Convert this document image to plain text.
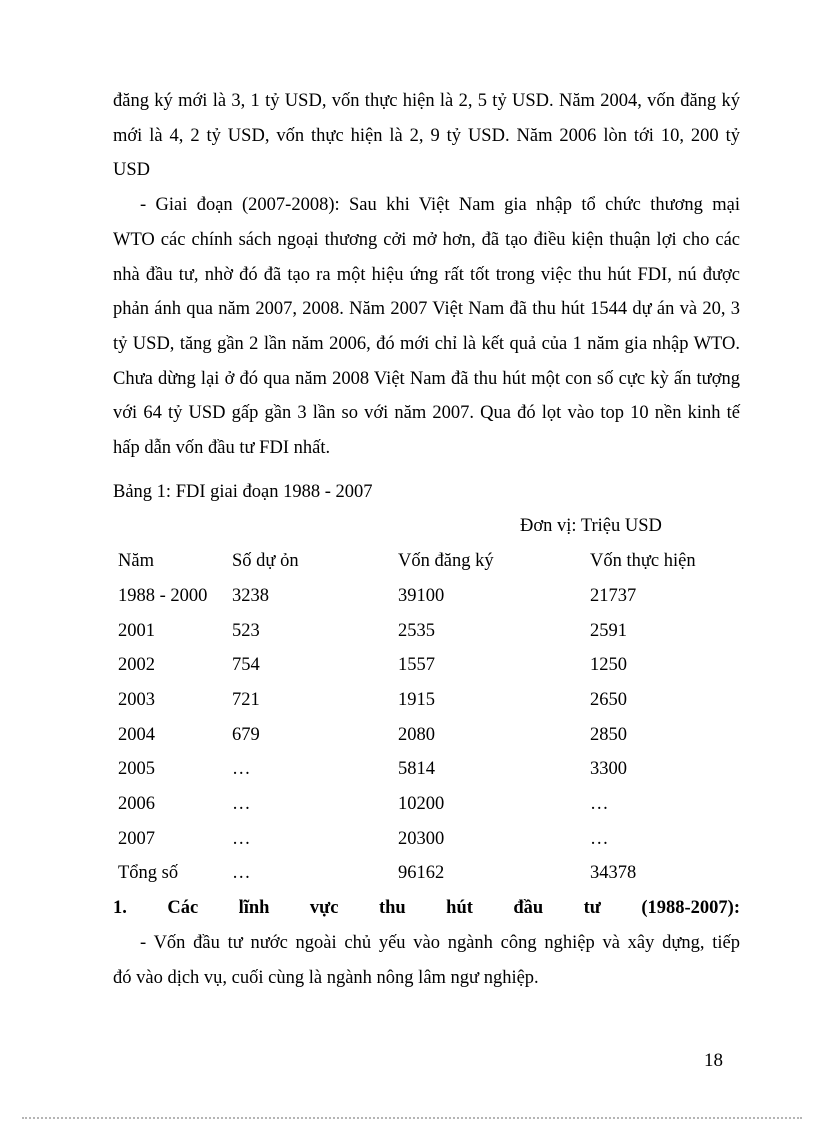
đăng ký mới là 3, 1 tỷ USD, vốn thực hiện là 2, 5 tỷ USD. Năm 2004, vốn đăng ký
mới là 4, 2 tỷ USD, vốn thực hiện là 2, 9 tỷ USD. Năm 2006 lòn tới 10, 200 tỷ
USD
- Giai đoạn (2007-2008): Sau khi Việt Nam gia nhập tổ chức thương mại
WTO các chính sách ngoại thương cởi mở hơn, đã tạo điều kiện thuận lợi cho các
nhà đầu tư, nhờ đó đã tạo ra một hiệu ứng rất tốt trong việc thu hút FDI, nú được
phản ánh qua năm 2007, 2008. Năm 2007 Việt Nam đã thu hút 1544 dự án và 20, 3
tỷ USD, tăng gần 2 lần năm 2006, đó mới chỉ là kết quả của 1 năm gia nhập WTO.
Chưa dừng lại ở đó qua năm 2008 Việt Nam đã thu hút một con số cực kỳ ấn tượng
với 64 tỷ USD gấp gần 3 lần so với năm 2007. Qua đó lọt vào top 10 nền kinh tế
hấp dẫn vốn đầu tư FDI nhất.
Bảng 1: FDI giai đoạn 1988 - 2007
Đơn vị: Triệu USD
Năm	Số dự ỏn	Vốn đăng ký	Vốn thực hiện
1988 - 2000	3238	39100	21737
2001	523	2535	2591
2002	754	1557	1250
2003	721	1915	2650
2004	679	2080	2850
2005	…	5814	3300
2006	…	10200	…
2007	…	20300	…
Tổng số	…	96162	34378
1. Các lĩnh vực thu hút đầu tư (1988-2007):
- Vốn đầu tư nước ngoài chủ yếu vào ngành công nghiệp và xây dựng, tiếp
đó vào dịch vụ, cuối cùng là ngành nông lâm ngư nghiệp.
18
